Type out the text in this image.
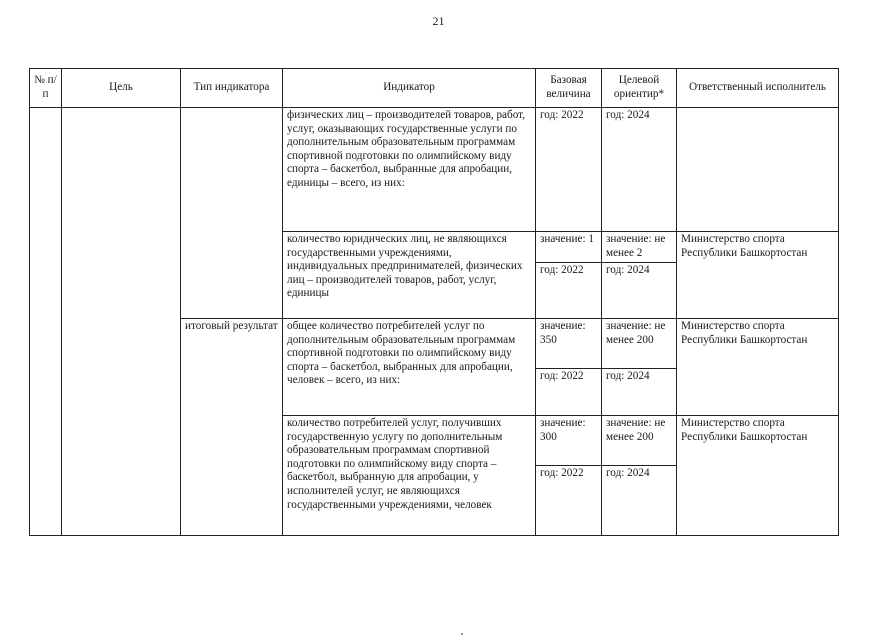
21
№ п/п	Цель	Тип индикатора	Индикатор	Базовая величина	Целевой ориентир*	Ответственный исполнитель
			физических лиц – производителей товаров, работ, услуг, оказывающих государственные услуги по дополнительным образовательным программам спортивной подготовки по олимпийскому виду спорта – баскетбол, выбранные для апробации, единицы – всего, из них:	год: 2022	год: 2024	
			количество юридических лиц, не являющихся государственными учреждениями, индивидуальных предпринимателей, физических лиц – производителей товаров, работ, услуг, единицы	значение: 1	значение: не менее 2	Министерство спорта Республики Башкортостан
				год: 2022	год: 2024	
		итоговый результат	общее количество потребителей услуг по дополнительным образовательным программам спортивной подготовки по олимпийскому виду спорта – баскетбол, выбранных для апробации, человек – всего, из них:	значение: 350	значение: не менее 200	Министерство спорта Республики Башкортостан
				год: 2022	год: 2024	
			количество потребителей услуг, получивших государственную услугу по дополнительным образовательным программам спортивной подготовки по олимпийскому виду спорта – баскетбол, выбранную для апробации, у исполнителей услуг, не являющихся государственными учреждениями, человек	значение: 300	значение: не менее 200	Министерство спорта Республики Башкортостан
				год: 2022	год: 2024	
